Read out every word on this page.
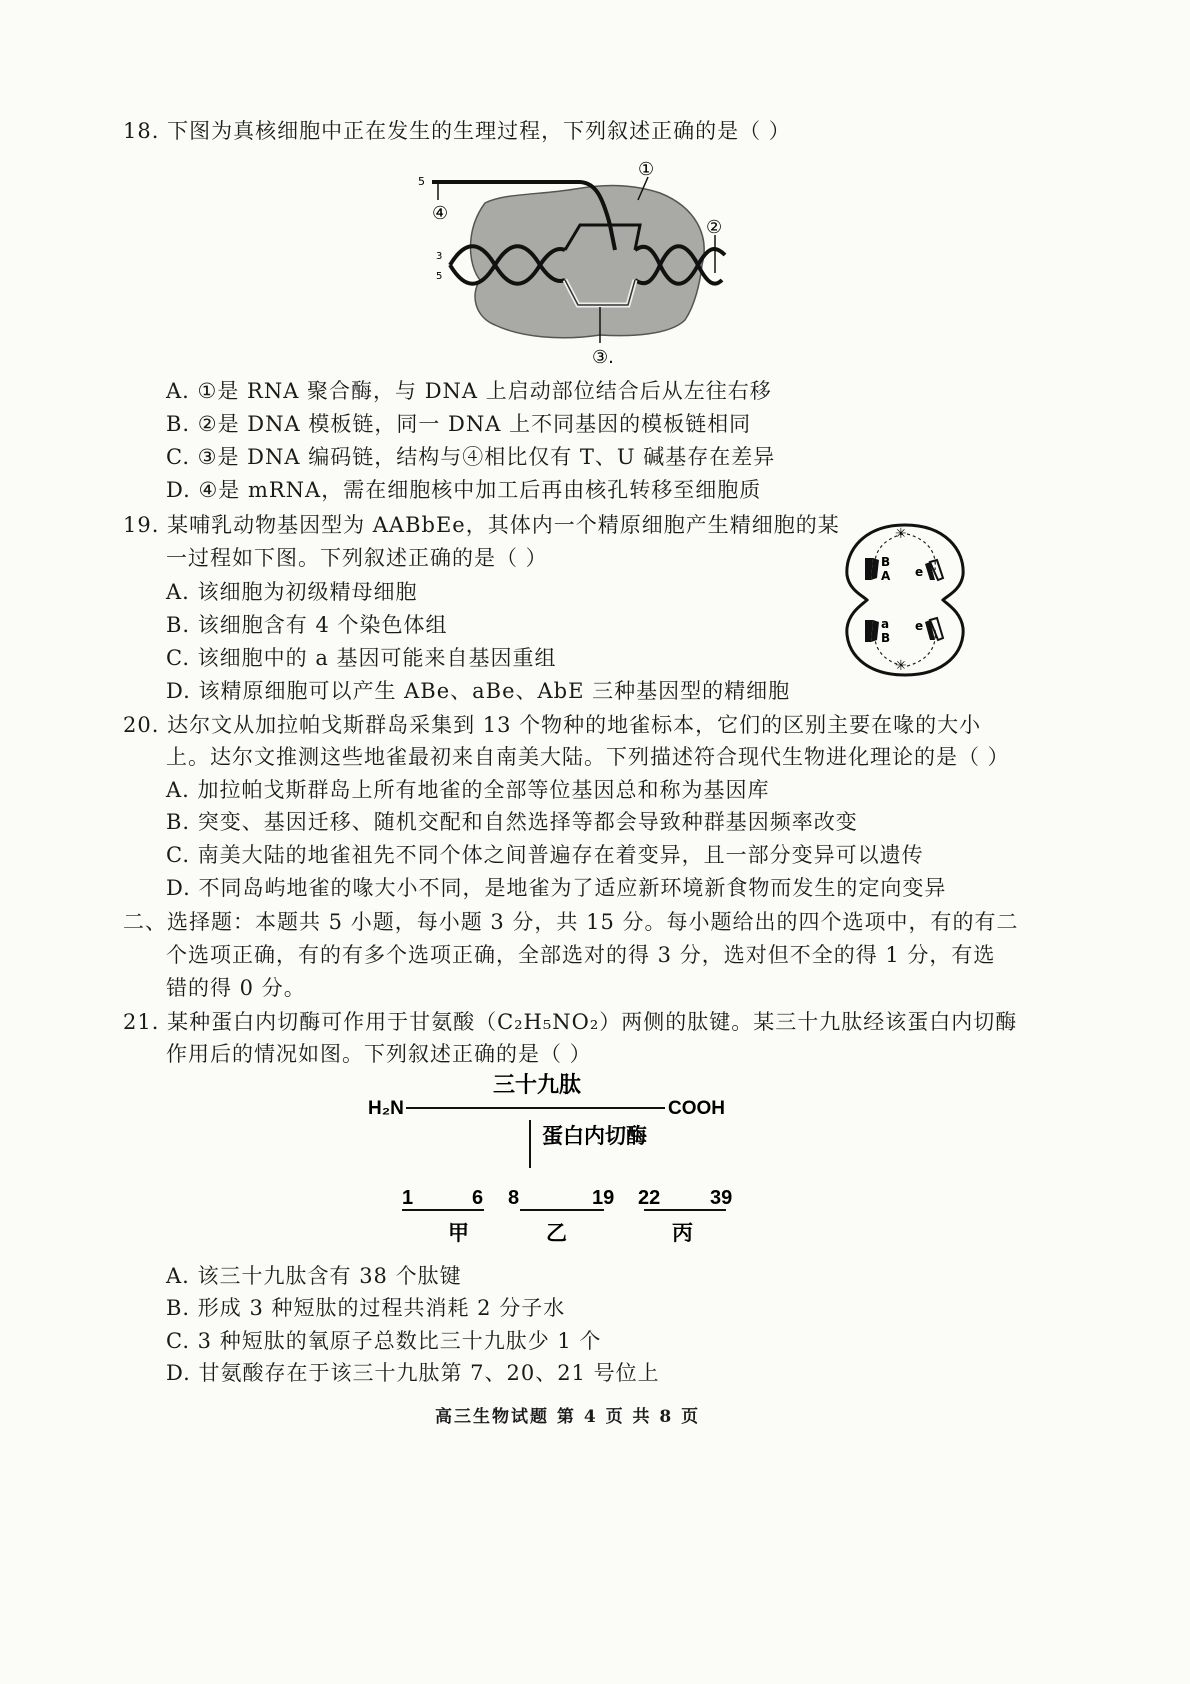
18. 下图为真核细胞中正在发生的生理过程，下列叙述正确的是（ ）
①
②
③.
④
5
3
5
A. ①是 RNA 聚合酶，与 DNA 上启动部位结合后从左往右移
B. ②是 DNA 模板链，同一 DNA 上不同基因的模板链相同
C. ③是 DNA 编码链，结构与④相比仅有 T、U 碱基存在差异
D. ④是 mRNA，需在细胞核中加工后再由核孔转移至细胞质
19. 某哺乳动物基因型为 AABbEe，其体内一个精原细胞产生精细胞的某
一过程如下图。下列叙述正确的是（ ）
✳
✳
B
A e
a
B
e
A. 该细胞为初级精母细胞
B. 该细胞含有 4 个染色体组
C. 该细胞中的 a 基因可能来自基因重组
D. 该精原细胞可以产生 ABe、aBe、AbE 三种基因型的精细胞
20. 达尔文从加拉帕戈斯群岛采集到 13 个物种的地雀标本，它们的区别主要在喙的大小
上。达尔文推测这些地雀最初来自南美大陆。下列描述符合现代生物进化理论的是（ ）
A. 加拉帕戈斯群岛上所有地雀的全部等位基因总和称为基因库
B. 突变、基因迁移、随机交配和自然选择等都会导致种群基因频率改变
C. 南美大陆的地雀祖先不同个体之间普遍存在着变异，且一部分变异可以遗传
D. 不同岛屿地雀的喙大小不同，是地雀为了适应新环境新食物而发生的定向变异
二、选择题：本题共 5 小题，每小题 3 分，共 15 分。每小题给出的四个选项中，有的有二
个选项正确，有的有多个选项正确，全部选对的得 3 分，选对但不全的得 1 分，有选
错的得 0 分。
21. 某种蛋白内切酶可作用于甘氨酸（C₂H₅NO₂）两侧的肽键。某三十九肽经该蛋白内切酶
作用后的情况如图。下列叙述正确的是（ ）
三十九肽
H₂N	COOH
蛋白内切酶
1	6 8	19 22 39
甲	乙	丙
A. 该三十九肽含有 38 个肽键
B. 形成 3 种短肽的过程共消耗 2 分子水
C. 3 种短肽的氧原子总数比三十九肽少 1 个
D. 甘氨酸存在于该三十九肽第 7、20、21 号位上
高三生物试题 第 4 页 共 8 页
